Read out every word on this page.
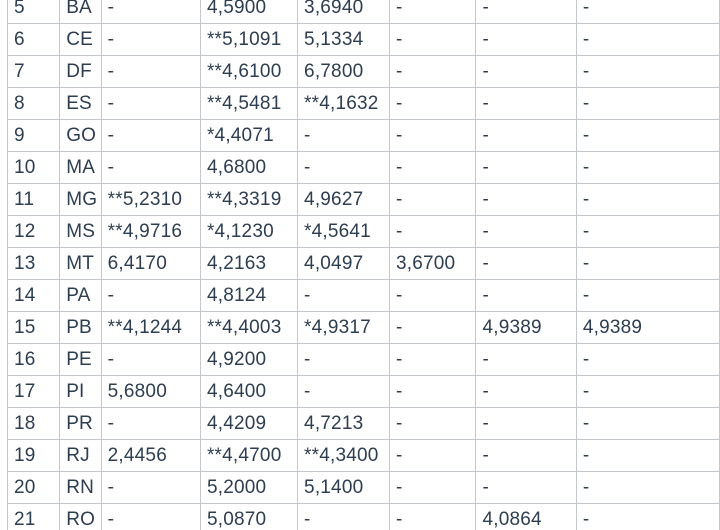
5	BA	-	4,5900	3,6940	-	-	-
6	CE	-	**5,1091	5,1334	-	-	-
7	DF	-	**4,6100	6,7800	-	-	-
8	ES	-	**4,5481	**4,1632	-	-	-
9	GO	-	*4,4071	-	-	-	-
10	MA	-	4,6800	-	-	-	-
11	MG	**5,2310	**4,3319	4,9627	-	-	-
12	MS	**4,9716	*4,1230	*4,5641	-	-	-
13	MT	6,4170	4,2163	4,0497	3,6700	-	-
14	PA	-	4,8124	-	-	-	-
15	PB	**4,1244	**4,4003	*4,9317	-	4,9389	4,9389
16	PE	-	4,9200	-	-	-	-
17	PI	5,6800	4,6400	-	-	-	-
18	PR	-	4,4209	4,7213	-	-	-
19	RJ	2,4456	**4,4700	**4,3400	-	-	-
20	RN	-	5,2000	5,1400	-	-	-
21	RO	-	5,0870	-	-	4,0864	-
